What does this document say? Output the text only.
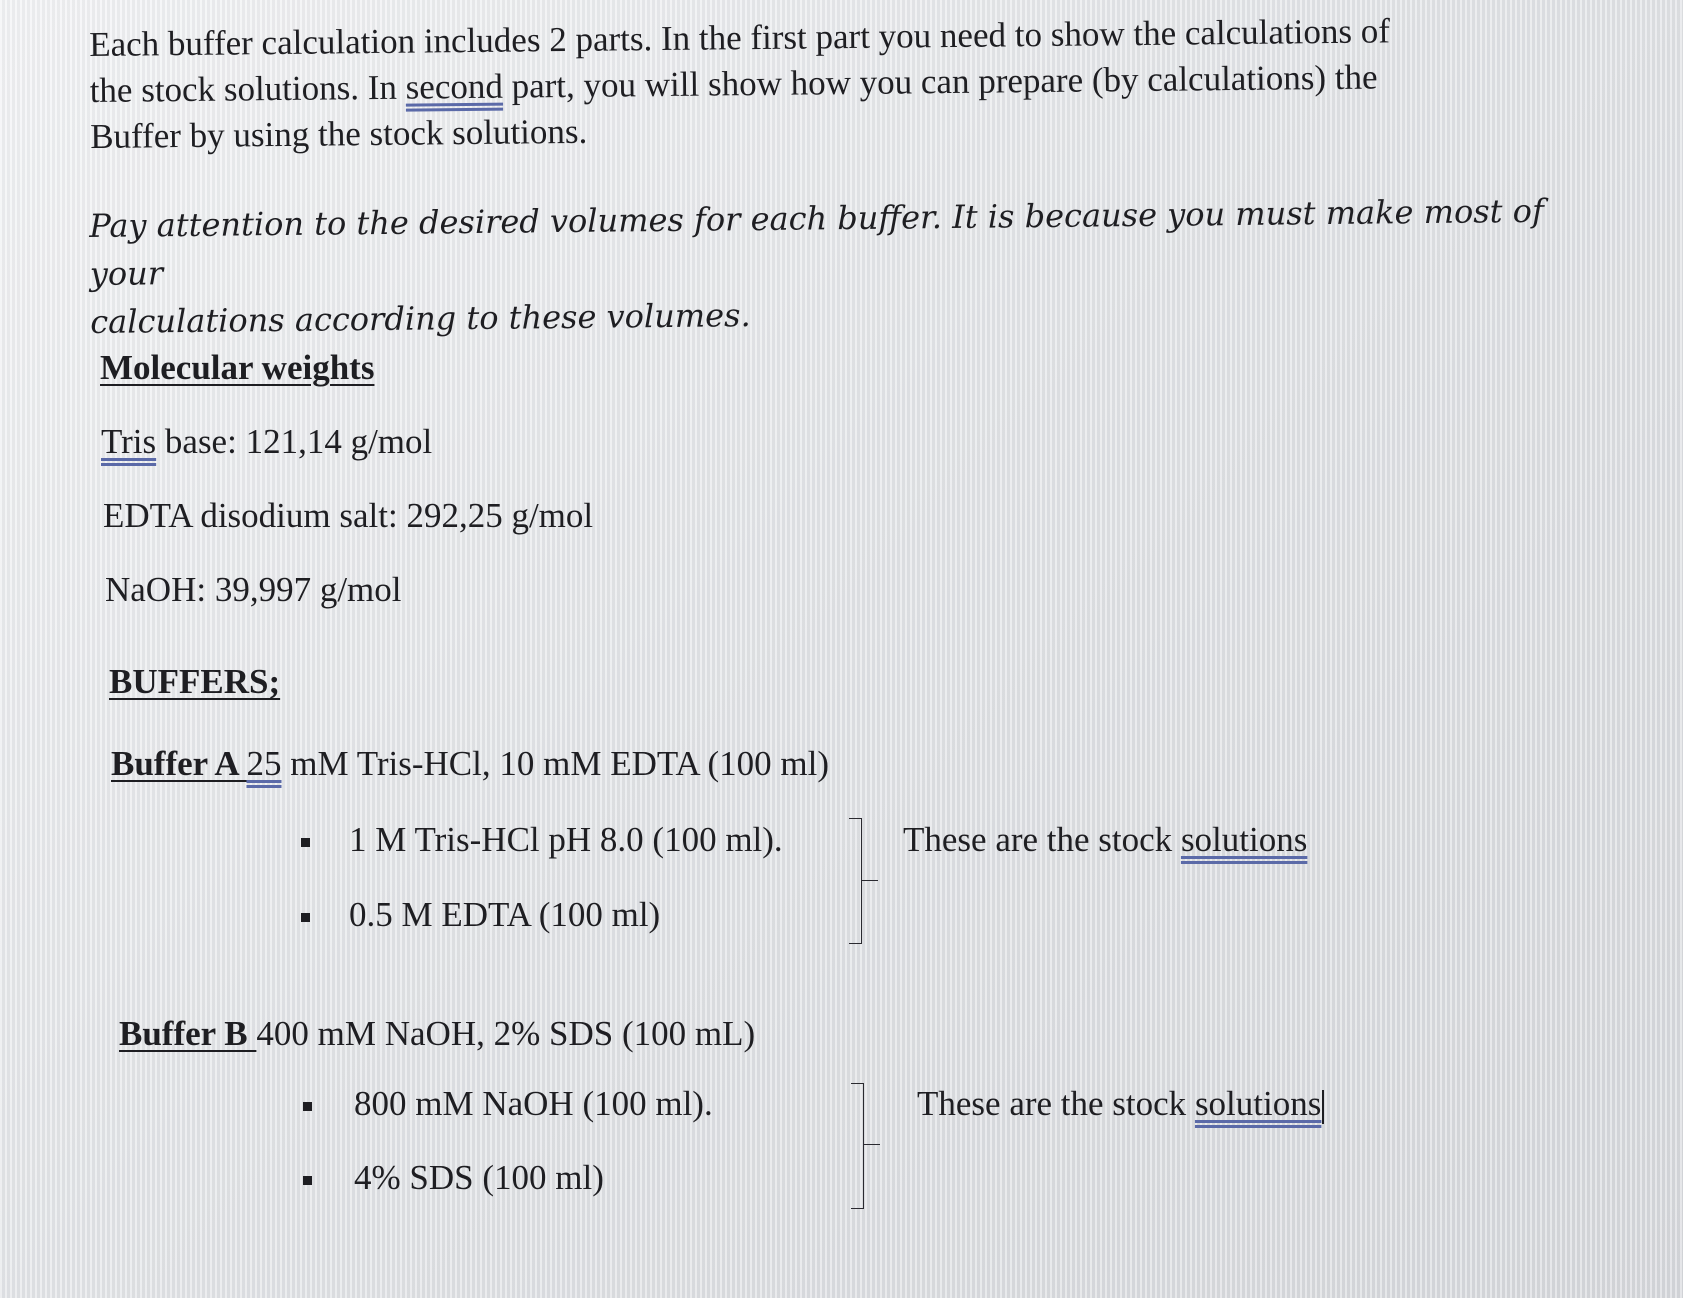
Each buffer calculation includes 2 parts. In the first part you need to show the calculations of
the stock solutions. In second part, you will show how you can prepare (by calculations) the
Buffer by using the stock solutions.
Pay attention to the desired volumes for each buffer. It is because you must make most of your
calculations according to these volumes.
Molecular weights
Tris base: 121,14 g/mol
EDTA disodium salt: 292,25 g/mol
NaOH: 39,997 g/mol
BUFFERS;
Buffer A 25 mM Tris-HCl, 10 mM EDTA (100 ml)
1 M Tris-HCl pH 8.0 (100 ml).
0.5 M EDTA (100 ml)
These are the stock solutions
Buffer B 400 mM NaOH, 2% SDS (100 mL)
800 mM NaOH (100 ml).
4% SDS (100 ml)
These are the stock solutions
